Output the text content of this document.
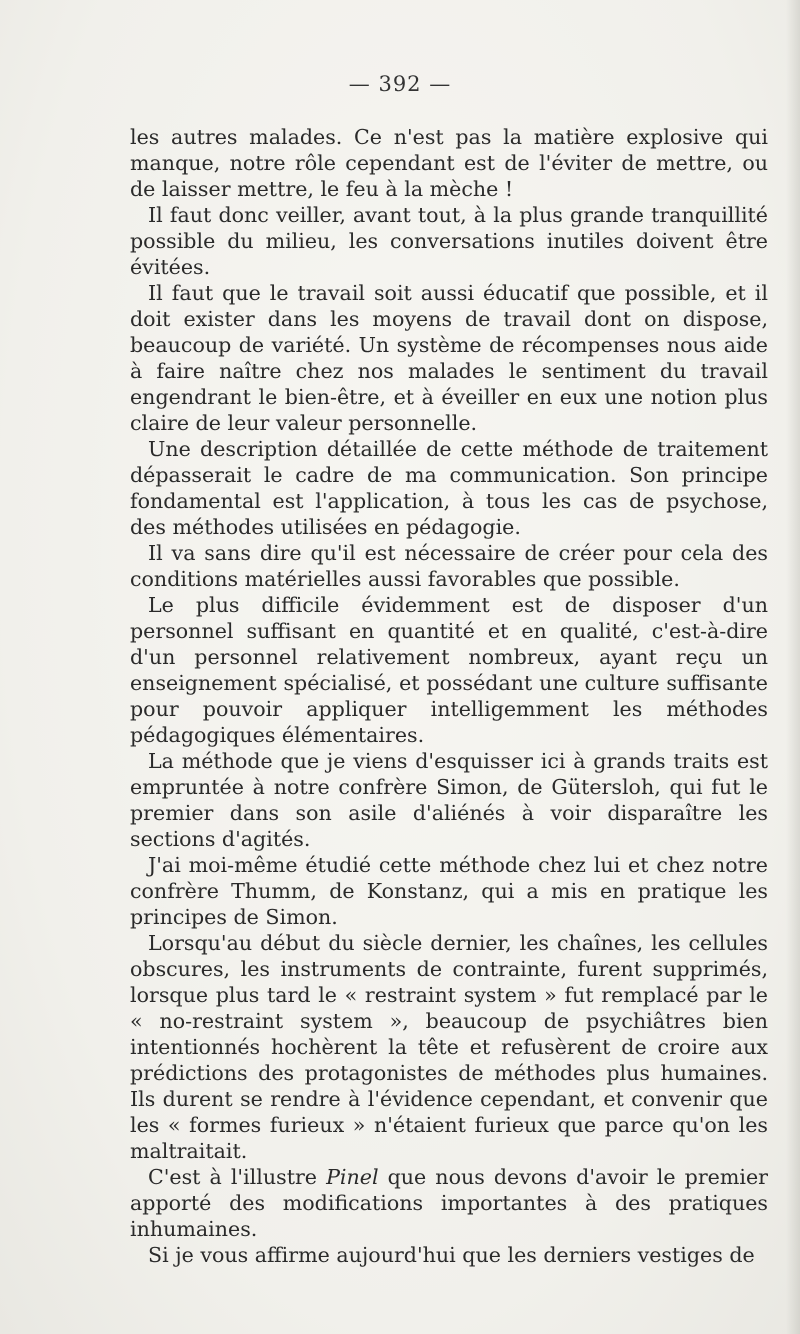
— 392 —

les autres malades. Ce n'est pas la matière explosive qui manque, notre rôle cependant est de l'éviter de mettre, ou de laisser mettre, le feu à la mèche !

Il faut donc veiller, avant tout, à la plus grande tranquillité possible du milieu, les conversations inutiles doivent être évitées.

Il faut que le travail soit aussi éducatif que possible, et il doit exister dans les moyens de travail dont on dispose, beaucoup de variété. Un système de récompenses nous aide à faire naître chez nos malades le sentiment du travail engendrant le bien-être, et à éveiller en eux une notion plus claire de leur valeur personnelle.

Une description détaillée de cette méthode de traitement dépasserait le cadre de ma communication. Son principe fondamental est l'application, à tous les cas de psychose, des méthodes utilisées en pédagogie.

Il va sans dire qu'il est nécessaire de créer pour cela des conditions matérielles aussi favorables que possible.

Le plus difficile évidemment est de disposer d'un personnel suffisant en quantité et en qualité, c'est-à-dire d'un personnel relativement nombreux, ayant reçu un enseignement spécialisé, et possédant une culture suffisante pour pouvoir appliquer intelligemment les méthodes pédagogiques élémentaires.

La méthode que je viens d'esquisser ici à grands traits est empruntée à notre confrère Simon, de Gütersloh, qui fut le premier dans son asile d'aliénés à voir disparaître les sections d'agités.

J'ai moi-même étudié cette méthode chez lui et chez notre confrère Thumm, de Konstanz, qui a mis en pratique les principes de Simon.

Lorsqu'au début du siècle dernier, les chaînes, les cellules obscures, les instruments de contrainte, furent supprimés, lorsque plus tard le « restraint system » fut remplacé par le « no-restraint system », beaucoup de psychiâtres bien intentionnés hochèrent la tête et refusèrent de croire aux prédictions des protagonistes de méthodes plus humaines. Ils durent se rendre à l'évidence cependant, et convenir que les « formes furieux » n'étaient furieux que parce qu'on les maltraitait.

C'est à l'illustre Pinel que nous devons d'avoir le premier apporté des modifications importantes à des pratiques inhumaines.

Si je vous affirme aujourd'hui que les derniers vestiges de
